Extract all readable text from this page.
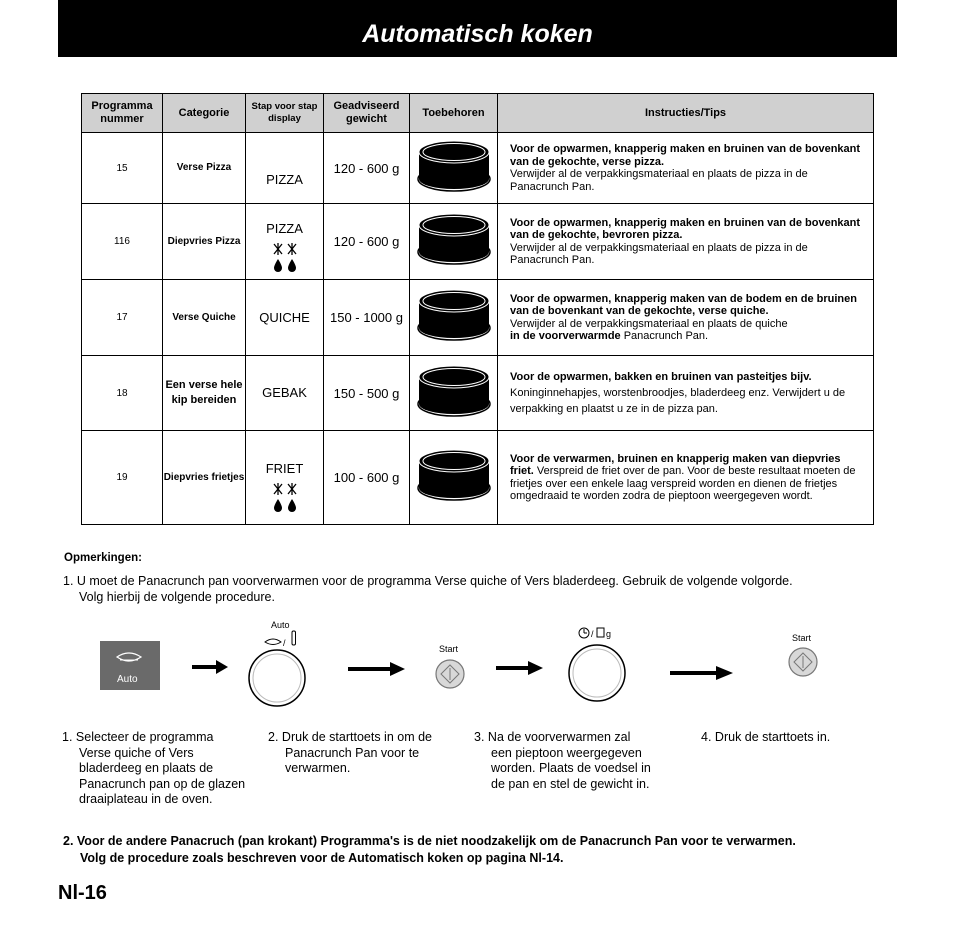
Automatisch koken
Programma nummer	Categorie	Stap voor stap display	Geadviseerd gewicht	Toebehoren	Instructies/Tips
15	Verse Pizza	PIZZA	120 - 600 g		Voor de opwarmen, knapperig maken en bruinen van de bovenkant van de gekochte, verse pizza.
Verwijder al de verpakkingsmateriaal en plaats de pizza in de Panacrunch Pan.
116	Diepvries Pizza	PIZZA	120 - 600 g		Voor de opwarmen, knapperig maken en bruinen van de bovenkant van de gekochte, bevroren pizza.
Verwijder al de verpakkingsmateriaal en plaats de pizza in de Panacrunch Pan.
17	Verse Quiche	QUICHE	150 - 1000 g		Voor de opwarmen, knapperig maken van de bodem en de bruinen van de bovenkant van de gekochte, verse quiche.
Verwijder al de verpakkingsmateriaal en plaats de quiche
in de voorverwarmde Panacrunch Pan.
18	Een verse hele kip bereiden	GEBAK	150 - 500 g		Voor de opwarmen, bakken en bruinen van pasteitjes bijv.
Koninginnehapjes, worstenbroodjes, bladerdeeg enz. Verwijdert u de verpakking en plaatst u ze in de pizza pan.
19	Diepvries frietjes	FRIET	100 - 600 g		Voor de verwarmen, bruinen en knapperig maken van diepvries friet. Verspreid de friet over de pan. Voor de beste resultaat moeten de frietjes over een enkele laag verspreid worden en dienen de frietjes omgedraaid te worden zodra de pieptoon weergegeven wordt.
Opmerkingen:
1. U moet de Panacrunch pan voorverwarmen voor de programma Verse quiche of Vers bladerdeeg. Gebruik de volgende volgorde.
Volg hierbij de volgende procedure.
Auto
Auto
/
Start
/ g	Start
1. Selecteer de programma
Verse quiche of Vers bladerdeeg en plaats de Panacrunch pan op de glazen draaiplateau in de oven.
2. Druk de starttoets in om de
Panacrunch Pan voor te verwarmen.
3. Na de voorverwarmen zal
een pieptoon weergegeven worden. Plaats de voedsel in de pan en stel de gewicht in.
4. Druk de starttoets in.
2. Voor de andere Panacruch (pan krokant) Programma's is de niet noodzakelijk om de Panacrunch Pan voor te verwarmen.
Volg de procedure zoals beschreven voor de Automatisch koken op pagina Nl-14.
Nl-16
